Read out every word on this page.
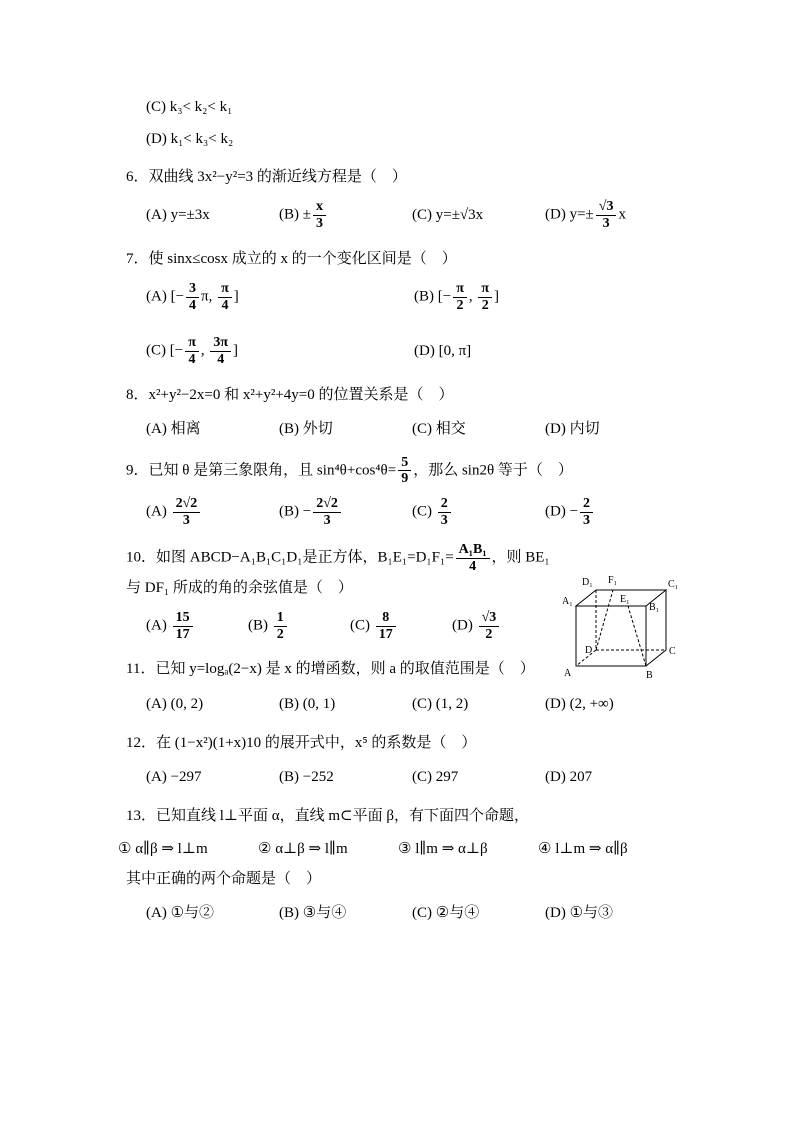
(C) k₃< k₂< k₁
(D) k₁< k₃< k₂
6．双曲线 3x²−y²=3 的渐近线方程是（　）
(A) y=±3x	$(B) \pm \frac{x}{3}$	(C) y=±√3x	(D) $y=\pm \frac{√3}{3}$ x
7．使 sinx≤cosx 成立的 x 的一个变化区间是（　）
(A) [− $\frac{3}{4} \pi$, $\frac{\pi}{4}$ ]	(B) [− $\frac{\pi}{2}$ , $\frac{\pi}{2}$ ]
(C) [− $\frac{\pi}{4}$ , $\frac{3\pi}{4}$ ]	(D) [0, π]
8．x²+y²−2x=0 和 x²+y²+4y=0 的位置关系是（　）
(A) 相离	(B) 外切	(C) 相交	(D) 内切
9．已知 θ 是第三象限角，且 $\sin^4\theta+\cos^4\theta= \frac{5}{9}$ ，那么 sin2θ 等于（　）
$(A) \frac{2√2}{3}$	$(B) - \frac{2√2}{3}$	$(C) \frac{2}{3}$	$(D) - \frac{2}{3}$
10．如图 ABCD−A₁B₁C₁D₁是正方体，$B_1E_1=D_1F_1= \frac{\text{A₁B₁}}{4}$ ，则 BE₁ 与 DF₁ 所成的角的余弦值是（　）
$(A) \frac{15}{17}$	$(B) \frac{1}{2}$	$(C) \frac{8}{17}$	$(D) \frac{√3}{2}$
D₁ F₁	C₁
A₁	E₁
B₁
D
A
C
B
11．已知 y=logₐ(2−x) 是 x 的增函数，则 a 的取值范围是（　）
(A) (0, 2)	(B) (0, 1)	(C) (1, 2)	(D) (2, +∞)
12．在 (1−x²)(1+x)10 的展开式中，x⁵ 的系数是（　）
(A) −297	(B) −252	(C) 297	(D) 207
13．已知直线 l⊥平面 α，直线 m⊂平面 β，有下面四个命题，
① α∥β ⇒ l⊥m	② α⊥β ⇒ l∥m	③ l∥m ⇒ α⊥β	④ l⊥m ⇒ α∥β
其中正确的两个命题是（　）
(A) ①与②	(B) ③与④	(C) ②与④	(D) ①与③
